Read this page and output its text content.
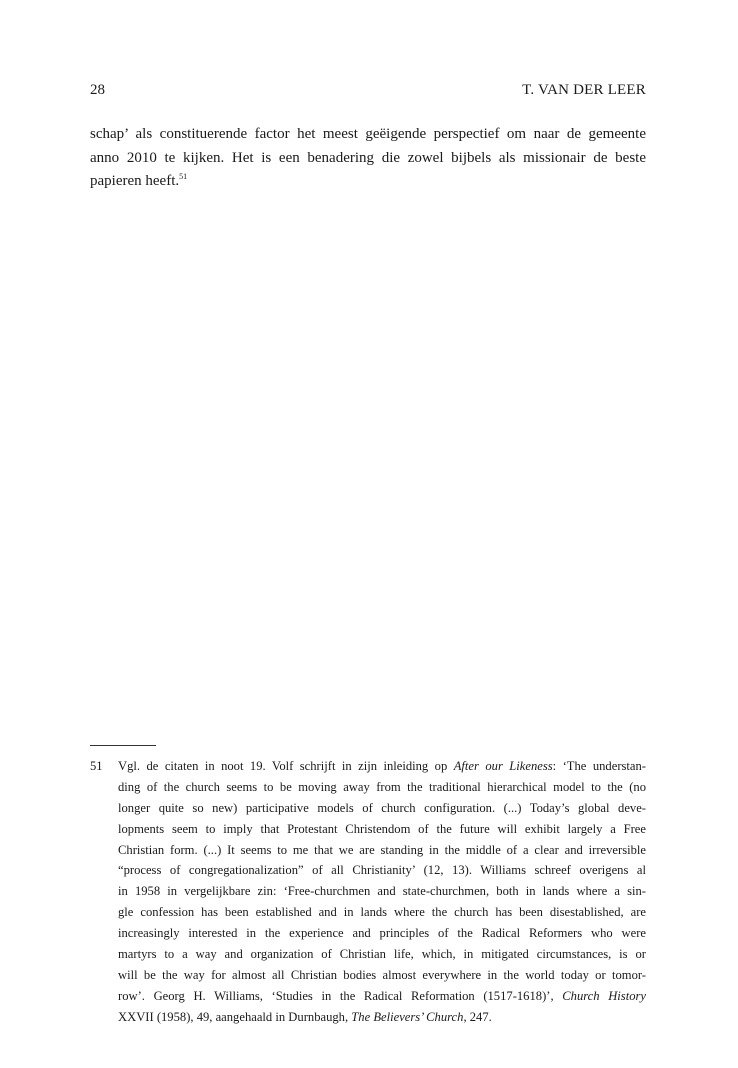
28	T. VAN DER LEER
schap’ als constituerende factor het meest geëigende perspectief om naar de gemeente
anno 2010 te kijken. Het is een benadering die zowel bijbels als missionair de beste
papieren heeft.$^{51}$
51 Vgl. de citaten in noot 19. Volf schrijft in zijn inleiding op After our Likeness: ‘The understan-
ding of the church seems to be moving away from the traditional hierarchical model to the (no
longer quite so new) participative models of church configuration. (...) Today’s global deve-
lopments seem to imply that Protestant Christendom of the future will exhibit largely a Free
Christian form. (...) It seems to me that we are standing in the middle of a clear and irreversible
“process of congregationalization” of all Christianity’ (12, 13). Williams schreef overigens al
in 1958 in vergelijkbare zin: ‘Free-churchmen and state-churchmen, both in lands where a sin-
gle confession has been established and in lands where the church has been disestablished, are
increasingly interested in the experience and principles of the Radical Reformers who were
martyrs to a way and organization of Christian life, which, in mitigated circumstances, is or
will be the way for almost all Christian bodies almost everywhere in the world today or tomor-
row’. Georg H. Williams, ‘Studies in the Radical Reformation (1517-1618)’, Church History
XXVII (1958), 49, aangehaald in Durnbaugh, The Believers’ Church, 247.
